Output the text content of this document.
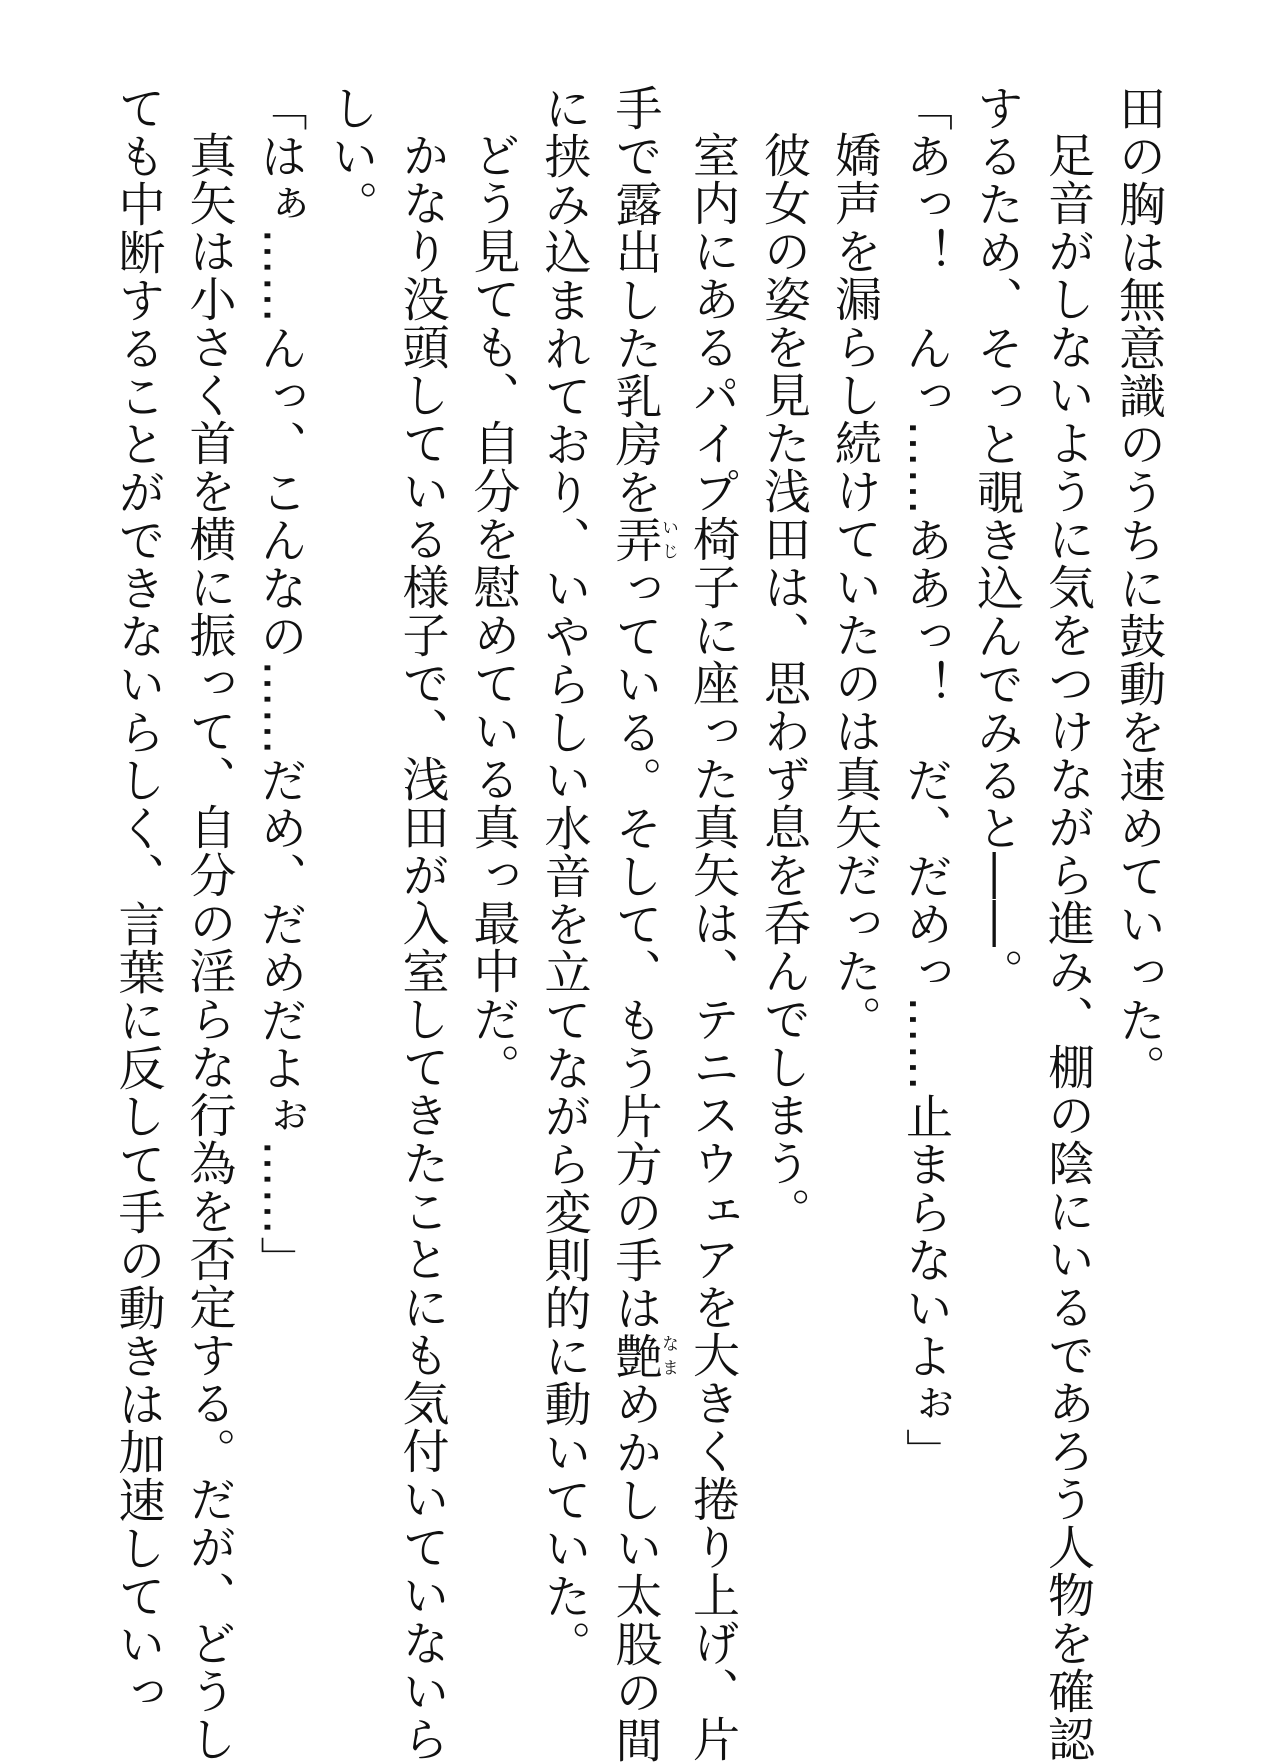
田の胸は無意識のうちに鼓動を速めていった。
足音がしないように気をつけながら進み、棚の陰にいるであろう人物を確認
するため、そっと覗き込んでみると――。
「あっ！　んっ……ああっ！　だ、だめっ……止まらないよぉ」
嬌声を漏らし続けていたのは真矢だった。
彼女の姿を見た浅田は、思わず息を呑んでしまう。
室内にあるパイプ椅子に座った真矢は、テニスウェアを大きく捲り上げ、片
手で露出した乳房を弄いじっている。そして、もう片方の手は艶なまめかしい太股の間
に挟み込まれており、いやらしい水音を立てながら変則的に動いていた。
どう見ても、自分を慰めている真っ最中だ。
かなり没頭している様子で、浅田が入室してきたことにも気付いていないら
しい。
「はぁ……んっ、こんなの……だめ、だめだよぉ……」
真矢は小さく首を横に振って、自分の淫らな行為を否定する。だが、どうし
ても中断することができないらしく、言葉に反して手の動きは加速していっ
